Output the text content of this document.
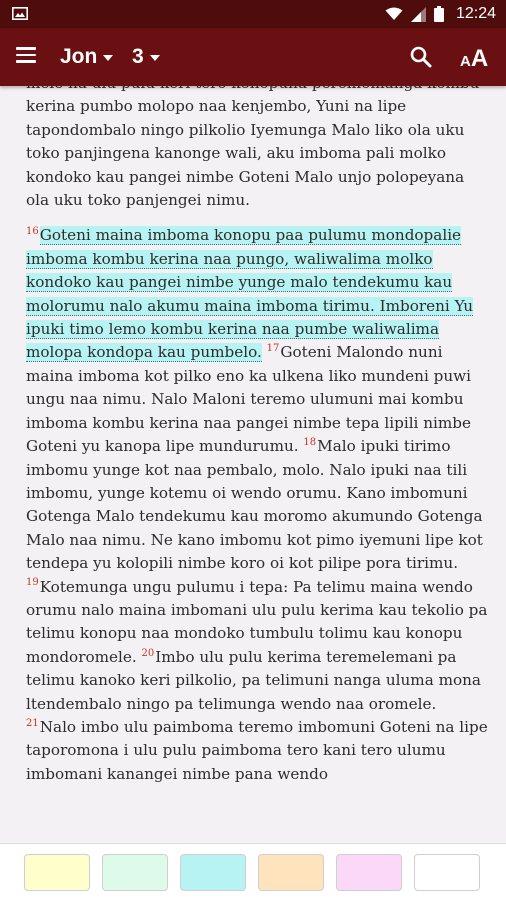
12:24
Jon 3	A A

kerina pumbo molopo naa kenjembo, Yuni na lipe tapondombalo ningo pilkolio Iyemunga Malo liko ola uku toko panjingena kanonge wali, aku imboma pali molko kondoko kau pangei nimbe Goteni Malo unjo polopeyana ola uku toko panjengei nimu.

$^{16}$Goteni maina imboma konopu paa pulumu mondopalie imboma kombu kerina naa pungo, waliwalima molko kondoko kau pangei nimbe yunge malo tendekumu kau molorumu nalo akumu maina imboma tirimu. Imboreni Yu ipuki timo lemo kombu kerina naa pumbe waliwalima molopa kondopa kau pumbelo. $^{17}$Goteni Malondo nuni maina imboma kot pilko eno ka ulkena liko mundeni puwi ungu naa nimu. Nalo Maloni teremo ulumuni mai kombu imboma kombu kerina naa pangei nimbe tepa lipili nimbe Goteni yu kanopa lipe mundurumu. $^{18}$Malo ipuki tirimo imbomu yunge kot naa pembalo, molo. Nalo ipuki naa tili imbomu, yunge kotemu oi wendo orumu. Kano imbomuni Gotenga Malo tendekumu kau moromo akumundo Gotenga Malo naa nimu. Ne kano imbomu kot pimo iyemuni lipe kot tendepa yu kolopili nimbe koro oi kot pilipe pora tirimu.

$^{19}$Kotemunga ungu pulumu i tepa: Pa telimu maina wendo orumu nalo maina imbomani ulu pulu kerima kau tekolio pa telimu konopu naa mondoko tumbulu tolimu kau konopu mondoromele. $^{20}$Imbo ulu pulu kerima teremelemani pa telimu kanoko keri pilkolio, pa telimuni nanga uluma mona ltendembalo ningo pa telimunga wendo naa oromele. $^{21}$Nalo imbo ulu paimboma teremo imbomuni Goteni na lipe taporomona i ulu pulu paimboma tero kani tero ulumu imbomani kanangei nimbe pana wendo
